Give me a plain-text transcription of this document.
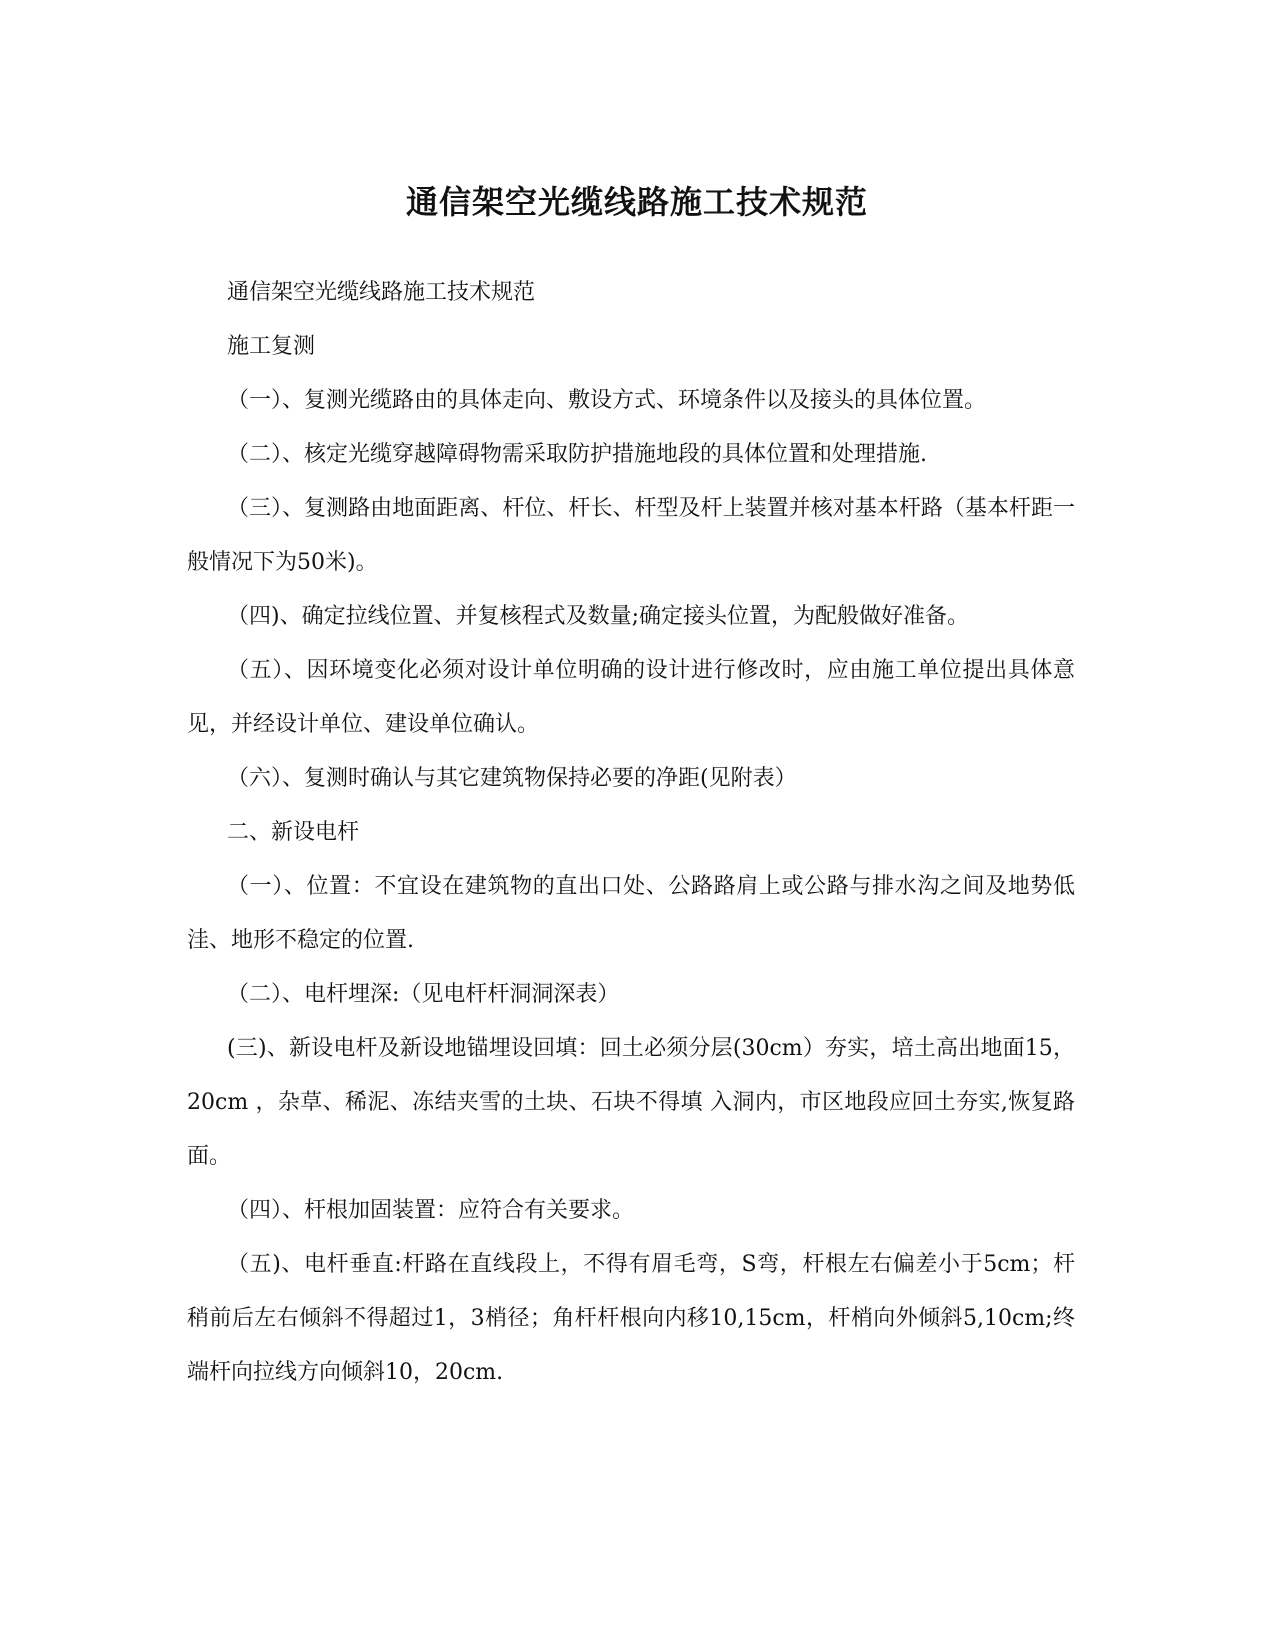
通信架空光缆线路施工技术规范

通信架空光缆线路施工技术规范

施工复测

（一）、复测光缆路由的具体走向、敷设方式、环境条件以及接头的具体位置。

（二）、核定光缆穿越障碍物需采取防护措施地段的具体位置和处理措施.

（三）、复测路由地面距离、杆位、杆长、杆型及杆上装置并核对基本杆路（基本杆距一般情况下为50米)。

（四)、确定拉线位置、并复核程式及数量;确定接头位置，为配般做好准备。

（五）、因环境变化必须对设计单位明确的设计进行修改时，应由施工单位提出具体意见，并经设计单位、建设单位确认。

（六）、复测时确认与其它建筑物保持必要的净距(见附表）

二、新设电杆

（一）、位置：不宜设在建筑物的直出口处、公路路肩上或公路与排水沟之间及地势低洼、地形不稳定的位置.

（二）、电杆埋深:（见电杆杆洞洞深表）

(三)、新设电杆及新设地锚埋设回填：回土必须分层(30cm）夯实，培土高出地面15，20cm ，杂草、稀泥、冻结夹雪的土块、石块不得填 入洞内，市区地段应回土夯实,恢复路面。

（四）、杆根加固装置：应符合有关要求。

（五)、电杆垂直:杆路在直线段上，不得有眉毛弯，S弯，杆根左右偏差小于5cm；杆稍前后左右倾斜不得超过1，3梢径；角杆杆根向内移10,15cm，杆梢向外倾斜5,10cm;终端杆向拉线方向倾斜10，20cm.
